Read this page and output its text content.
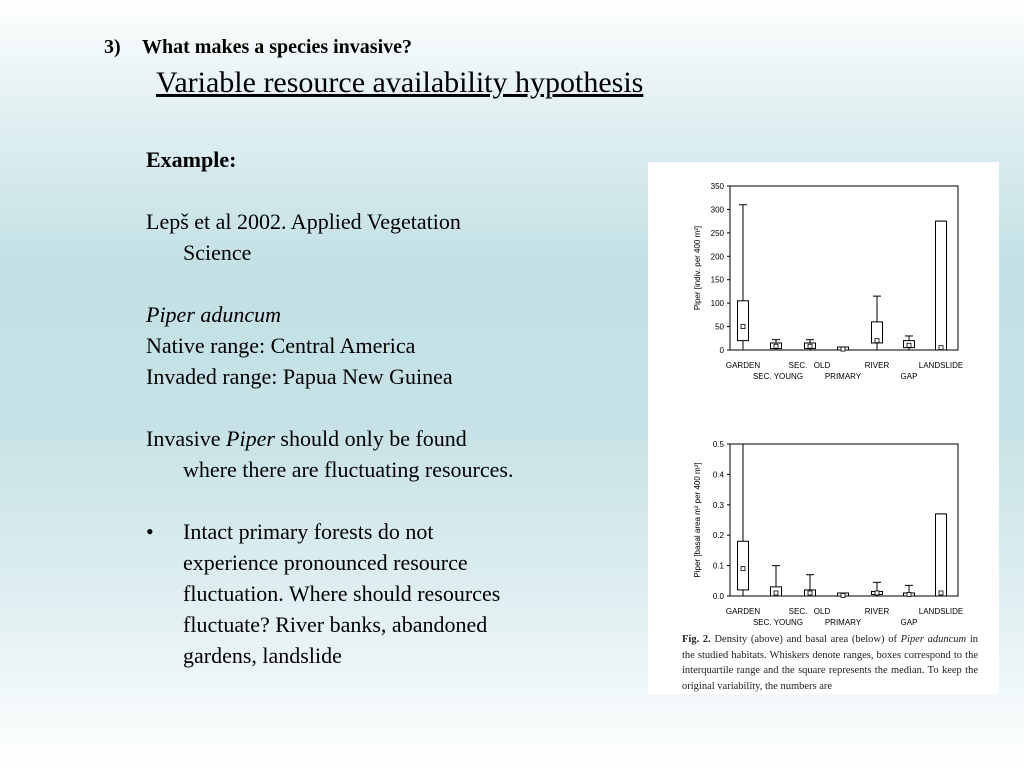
3) What makes a species invasive?
Variable resource availability hypothesis

Example:

Lepš et al 2002. Applied Vegetation
Science

Piper aduncum

Native range: Central America

Invaded range: Papua New Guinea

Invasive Piper should only be found
where there are fluctuating resources.

• Intact primary forests do not
experience pronounced resource
fluctuation. Where should resources
fluctuate? River banks, abandoned
gardens, landslide
0
50
100
150
200
250
300
350
Piper [indiv. per 400 m²]
GARDEN	SEC. OLD	RIVER	LANDSLIDE
SEC. YOUNG	PRIMARY	GAP
0.0
0.1
0.2
0.3
0.4
0.5
Piper [basal area m² per 400 m²]
GARDEN	SEC. OLD	RIVER	LANDSLIDE
SEC. YOUNG	PRIMARY	GAP
Fig. 2. Density (above) and basal area (below) of Piper aduncum in the studied habitats. Whiskers denote ranges, boxes correspond to the interquartile range and the square represents the median. To keep the original variability, the numbers are
